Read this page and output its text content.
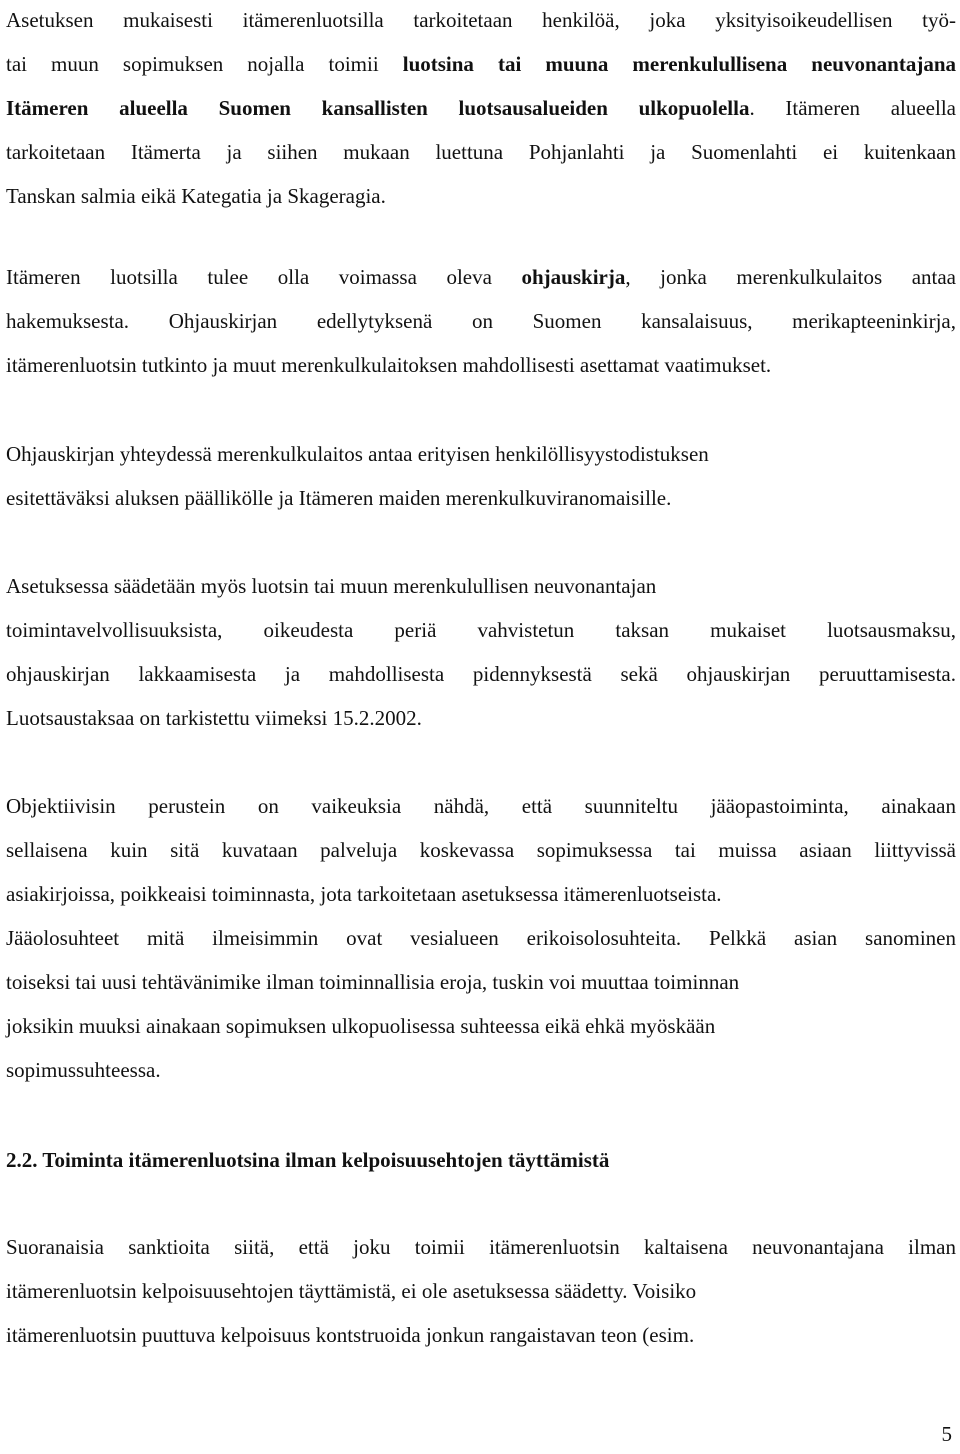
Asetuksen mukaisesti itämerenluotsilla tarkoitetaan henkilöä, joka yksityisoikeudellisen työ-
tai muun sopimuksen nojalla toimii luotsina tai muuna merenkulullisena neuvonantajana
Itämeren alueella Suomen kansallisten luotsausalueiden ulkopuolella. Itämeren alueella
tarkoitetaan Itämerta ja siihen mukaan luettuna Pohjanlahti ja Suomenlahti ei kuitenkaan
Tanskan salmia eikä Kategatia ja Skageragia.

Itämeren luotsilla tulee olla voimassa oleva ohjauskirja, jonka merenkulkulaitos antaa
hakemuksesta. Ohjauskirjan edellytyksenä on Suomen kansalaisuus, merikapteeninkirja,
itämerenluotsin tutkinto ja muut merenkulkulaitoksen mahdollisesti asettamat vaatimukset.

Ohjauskirjan yhteydessä merenkulkulaitos antaa erityisen henkilöllisyystodistuksen
esitettäväksi aluksen päällikölle ja Itämeren maiden merenkulkuviranomaisille.

Asetuksessa säädetään myös luotsin tai muun merenkulullisen neuvonantajan
toimintavelvollisuuksista, oikeudesta periä vahvistetun taksan mukaiset luotsausmaksu,
ohjauskirjan lakkaamisesta ja mahdollisesta pidennyksestä sekä ohjauskirjan peruuttamisesta.
Luotsaustaksaa on tarkistettu viimeksi 15.2.2002.

Objektiivisin perustein on vaikeuksia nähdä, että suunniteltu jääopastoiminta, ainakaan
sellaisena kuin sitä kuvataan palveluja koskevassa sopimuksessa tai muissa asiaan liittyvissä
asiakirjoissa, poikkeaisi toiminnasta, jota tarkoitetaan asetuksessa itämerenluotseista.
Jääolosuhteet mitä ilmeisimmin ovat vesialueen erikoisolosuhteita. Pelkkä asian sanominen
toiseksi tai uusi tehtävänimike ilman toiminnallisia eroja, tuskin voi muuttaa toiminnan
joksikin muuksi ainakaan sopimuksen ulkopuolisessa suhteessa eikä ehkä myöskään
sopimussuhteessa.

2.2. Toiminta itämerenluotsina ilman kelpoisuusehtojen täyttämistä

Suoranaisia sanktioita siitä, että joku toimii itämerenluotsin kaltaisena neuvonantajana ilman
itämerenluotsin kelpoisuusehtojen täyttämistä, ei ole asetuksessa säädetty. Voisiko
itämerenluotsin puuttuva kelpoisuus kontstruoida jonkun rangaistavan teon (esim.

5
